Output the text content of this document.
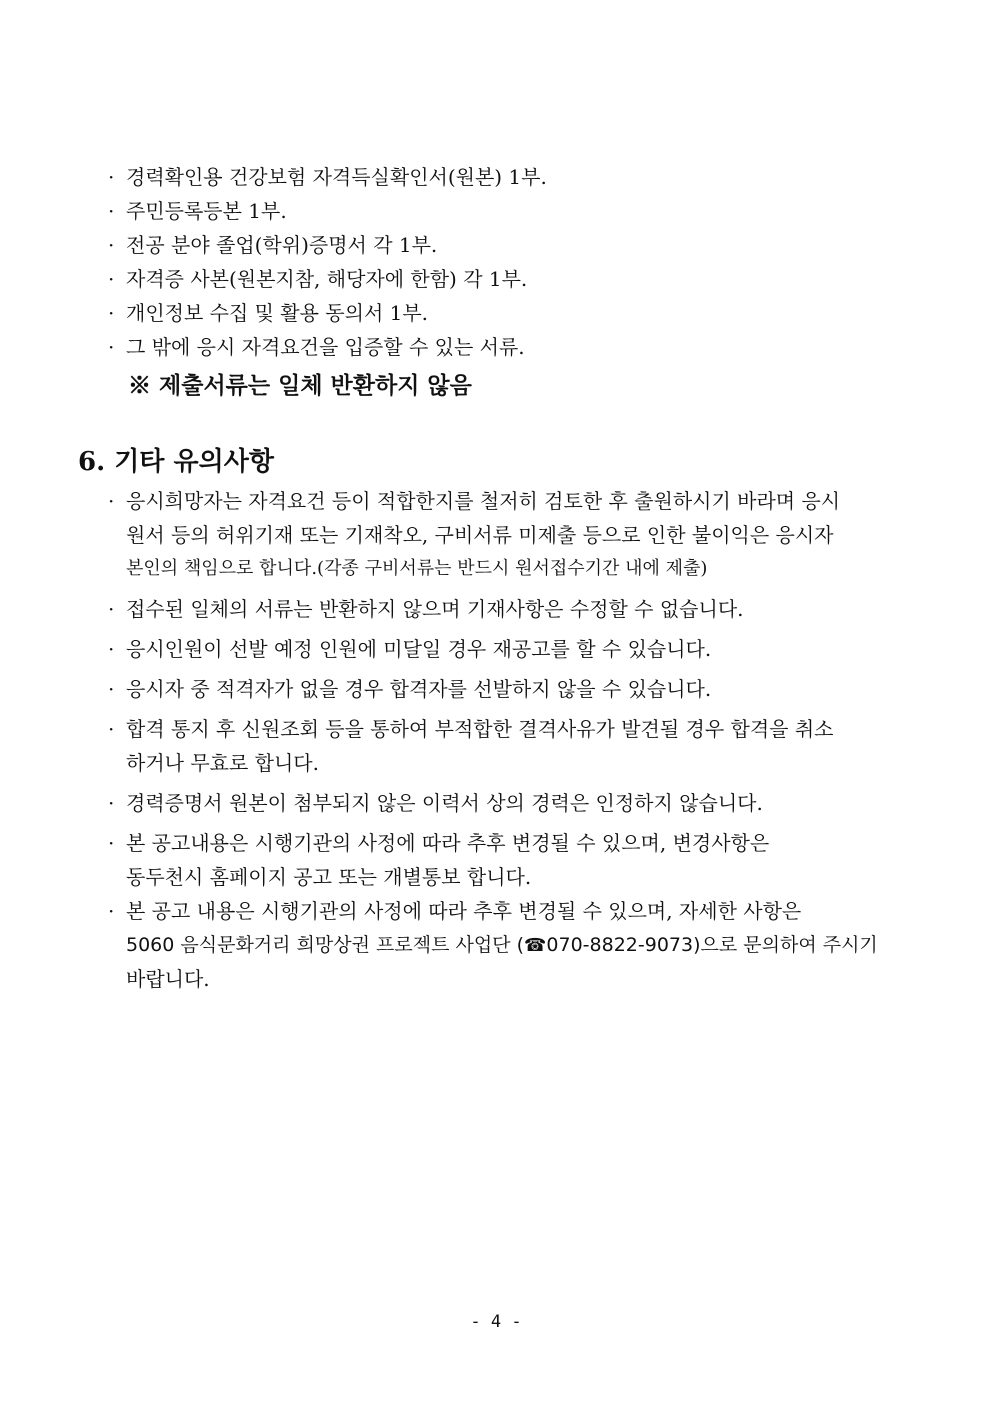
· 경력확인용 건강보험 자격득실확인서(원본) 1부.
· 주민등록등본 1부.
· 전공 분야 졸업(학위)증명서 각 1부.
· 자격증 사본(원본지참, 해당자에 한함) 각 1부.
· 개인정보 수집 및 활용 동의서 1부.
· 그 밖에 응시 자격요건을 입증할 수 있는 서류.
※ 제출서류는 일체 반환하지 않음
6. 기타 유의사항
· 응시희망자는 자격요건 등이 적합한지를 철저히 검토한 후 출원하시기 바라며 응시
원서 등의 허위기재 또는 기재착오, 구비서류 미제출 등으로 인한 불이익은 응시자
본인의 책임으로 합니다.(각종 구비서류는 반드시 원서접수기간 내에 제출)
· 접수된 일체의 서류는 반환하지 않으며 기재사항은 수정할 수 없습니다.
· 응시인원이 선발 예정 인원에 미달일 경우 재공고를 할 수 있습니다.
· 응시자 중 적격자가 없을 경우 합격자를 선발하지 않을 수 있습니다.
· 합격 통지 후 신원조회 등을 통하여 부적합한 결격사유가 발견될 경우 합격을 취소
하거나 무효로 합니다.
· 경력증명서 원본이 첨부되지 않은 이력서 상의 경력은 인정하지 않습니다.
· 본 공고내용은 시행기관의 사정에 따라 추후 변경될 수 있으며, 변경사항은
동두천시 홈페이지 공고 또는 개별통보 합니다.
· 본 공고 내용은 시행기관의 사정에 따라 추후 변경될 수 있으며, 자세한 사항은
5060 음식문화거리 희망상권 프로젝트 사업단 (☎070-8822-9073)으로 문의하여 주시기
바랍니다.
- 4 -
